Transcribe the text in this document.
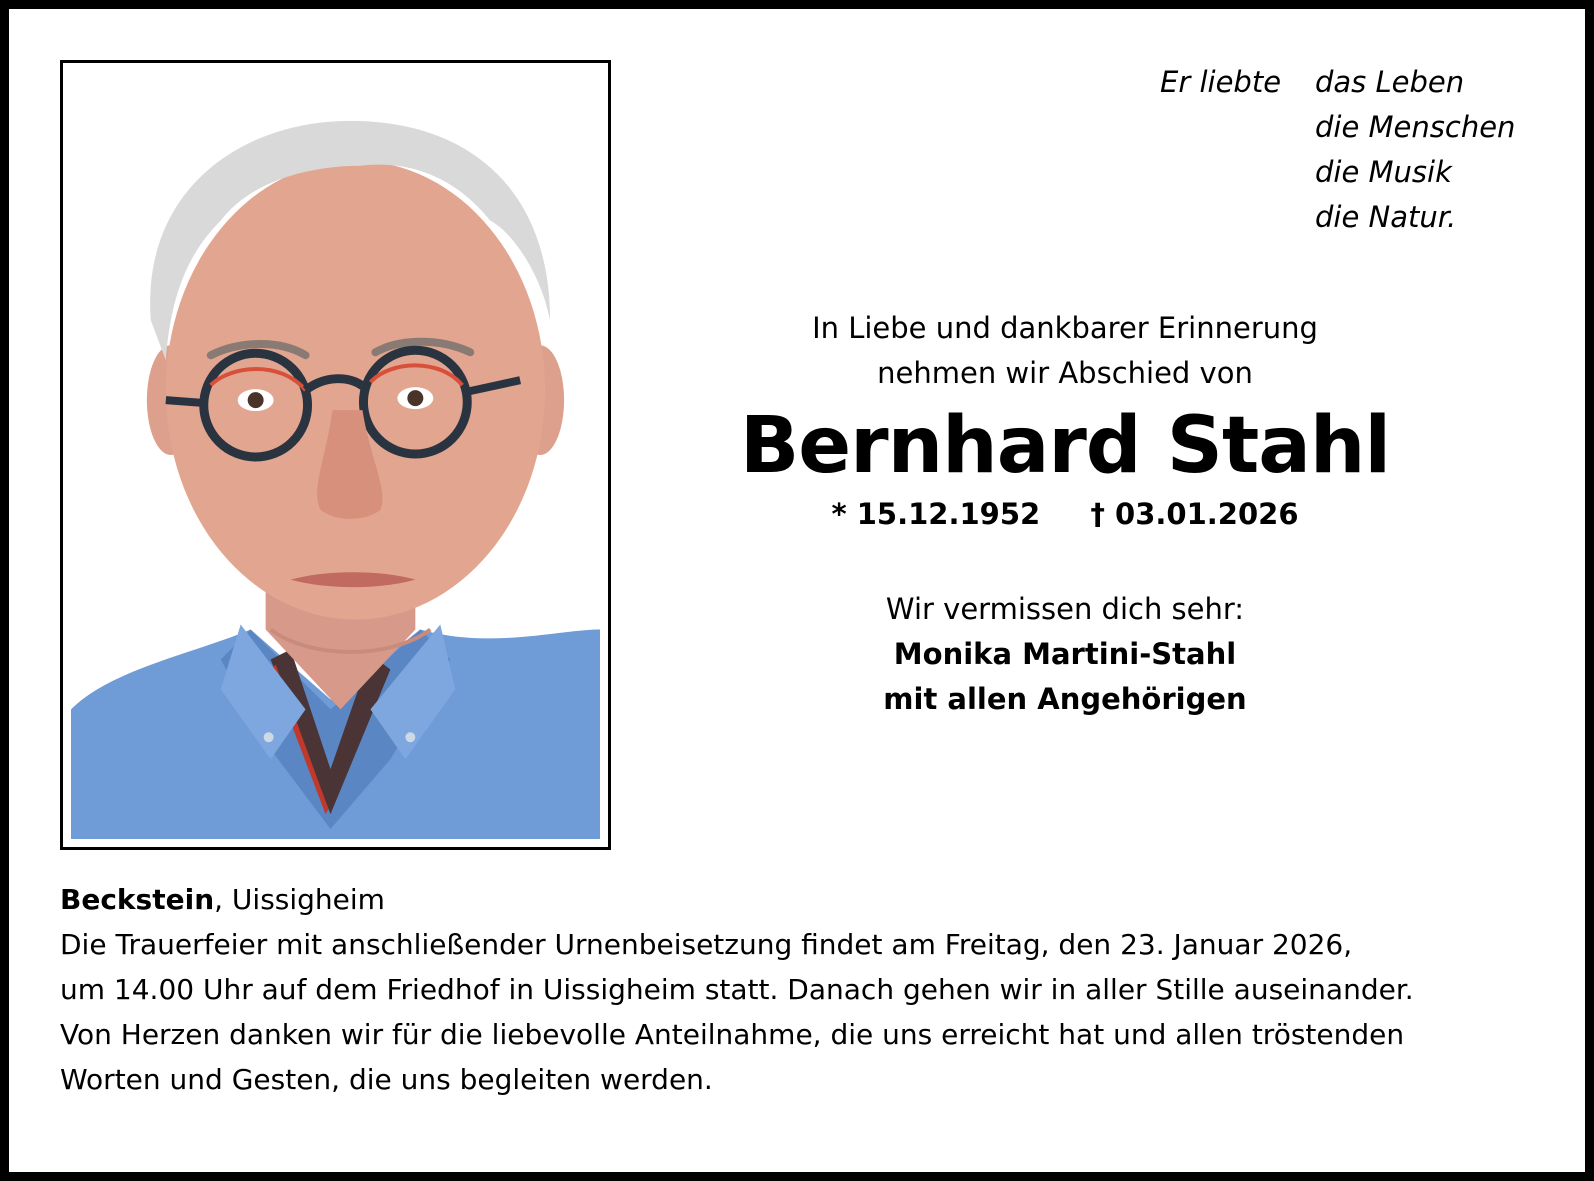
Er liebte das Leben
die Menschen
die Musik
die Natur.
In Liebe und dankbarer Erinnerung
nehmen wir Abschied von
Bernhard Stahl
* 15.12.1952 † 03.01.2026
Wir vermissen dich sehr:
Monika Martini-Stahl
mit allen Angehörigen
Beckstein, Uissigheim
Die Trauerfeier mit anschließender Urnenbeisetzung findet am Freitag, den 23. Januar 2026,
um 14.00 Uhr auf dem Friedhof in Uissigheim statt. Danach gehen wir in aller Stille auseinander.
Von Herzen danken wir für die liebevolle Anteilnahme, die uns erreicht hat und allen tröstenden
Worten und Gesten, die uns begleiten werden.
